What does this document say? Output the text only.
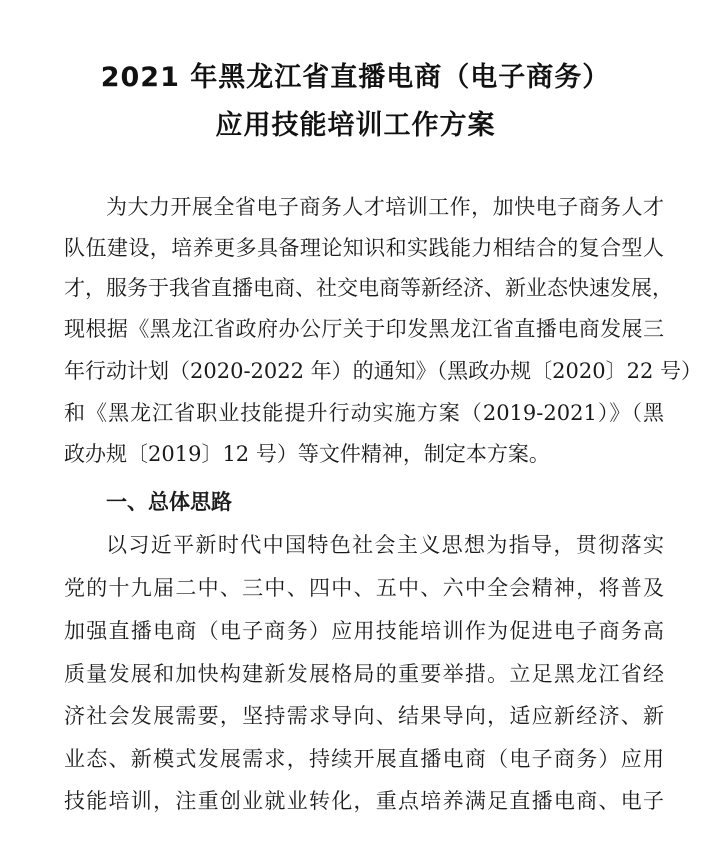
2021 年黑龙江省直播电商（电子商务）
应用技能培训工作方案
为大力开展全省电子商务人才培训工作，加快电子商务人才
队伍建设，培养更多具备理论知识和实践能力相结合的复合型人
才，服务于我省直播电商、社交电商等新经济、新业态快速发展，
现根据《黑龙江省政府办公厅关于印发黑龙江省直播电商发展三
年行动计划（2020-2022 年）的通知》（黑政办规〔2020〕22 号）
和《黑龙江省职业技能提升行动实施方案（2019-2021）》（黑
政办规〔2019〕12 号）等文件精神，制定本方案。
一、总体思路
以习近平新时代中国特色社会主义思想为指导，贯彻落实
党的十九届二中、三中、四中、五中、六中全会精神，将普及
加强直播电商（电子商务）应用技能培训作为促进电子商务高
质量发展和加快构建新发展格局的重要举措。立足黑龙江省经
济社会发展需要，坚持需求导向、结果导向，适应新经济、新
业态、新模式发展需求，持续开展直播电商（电子商务）应用
技能培训，注重创业就业转化，重点培养满足直播电商、电子
